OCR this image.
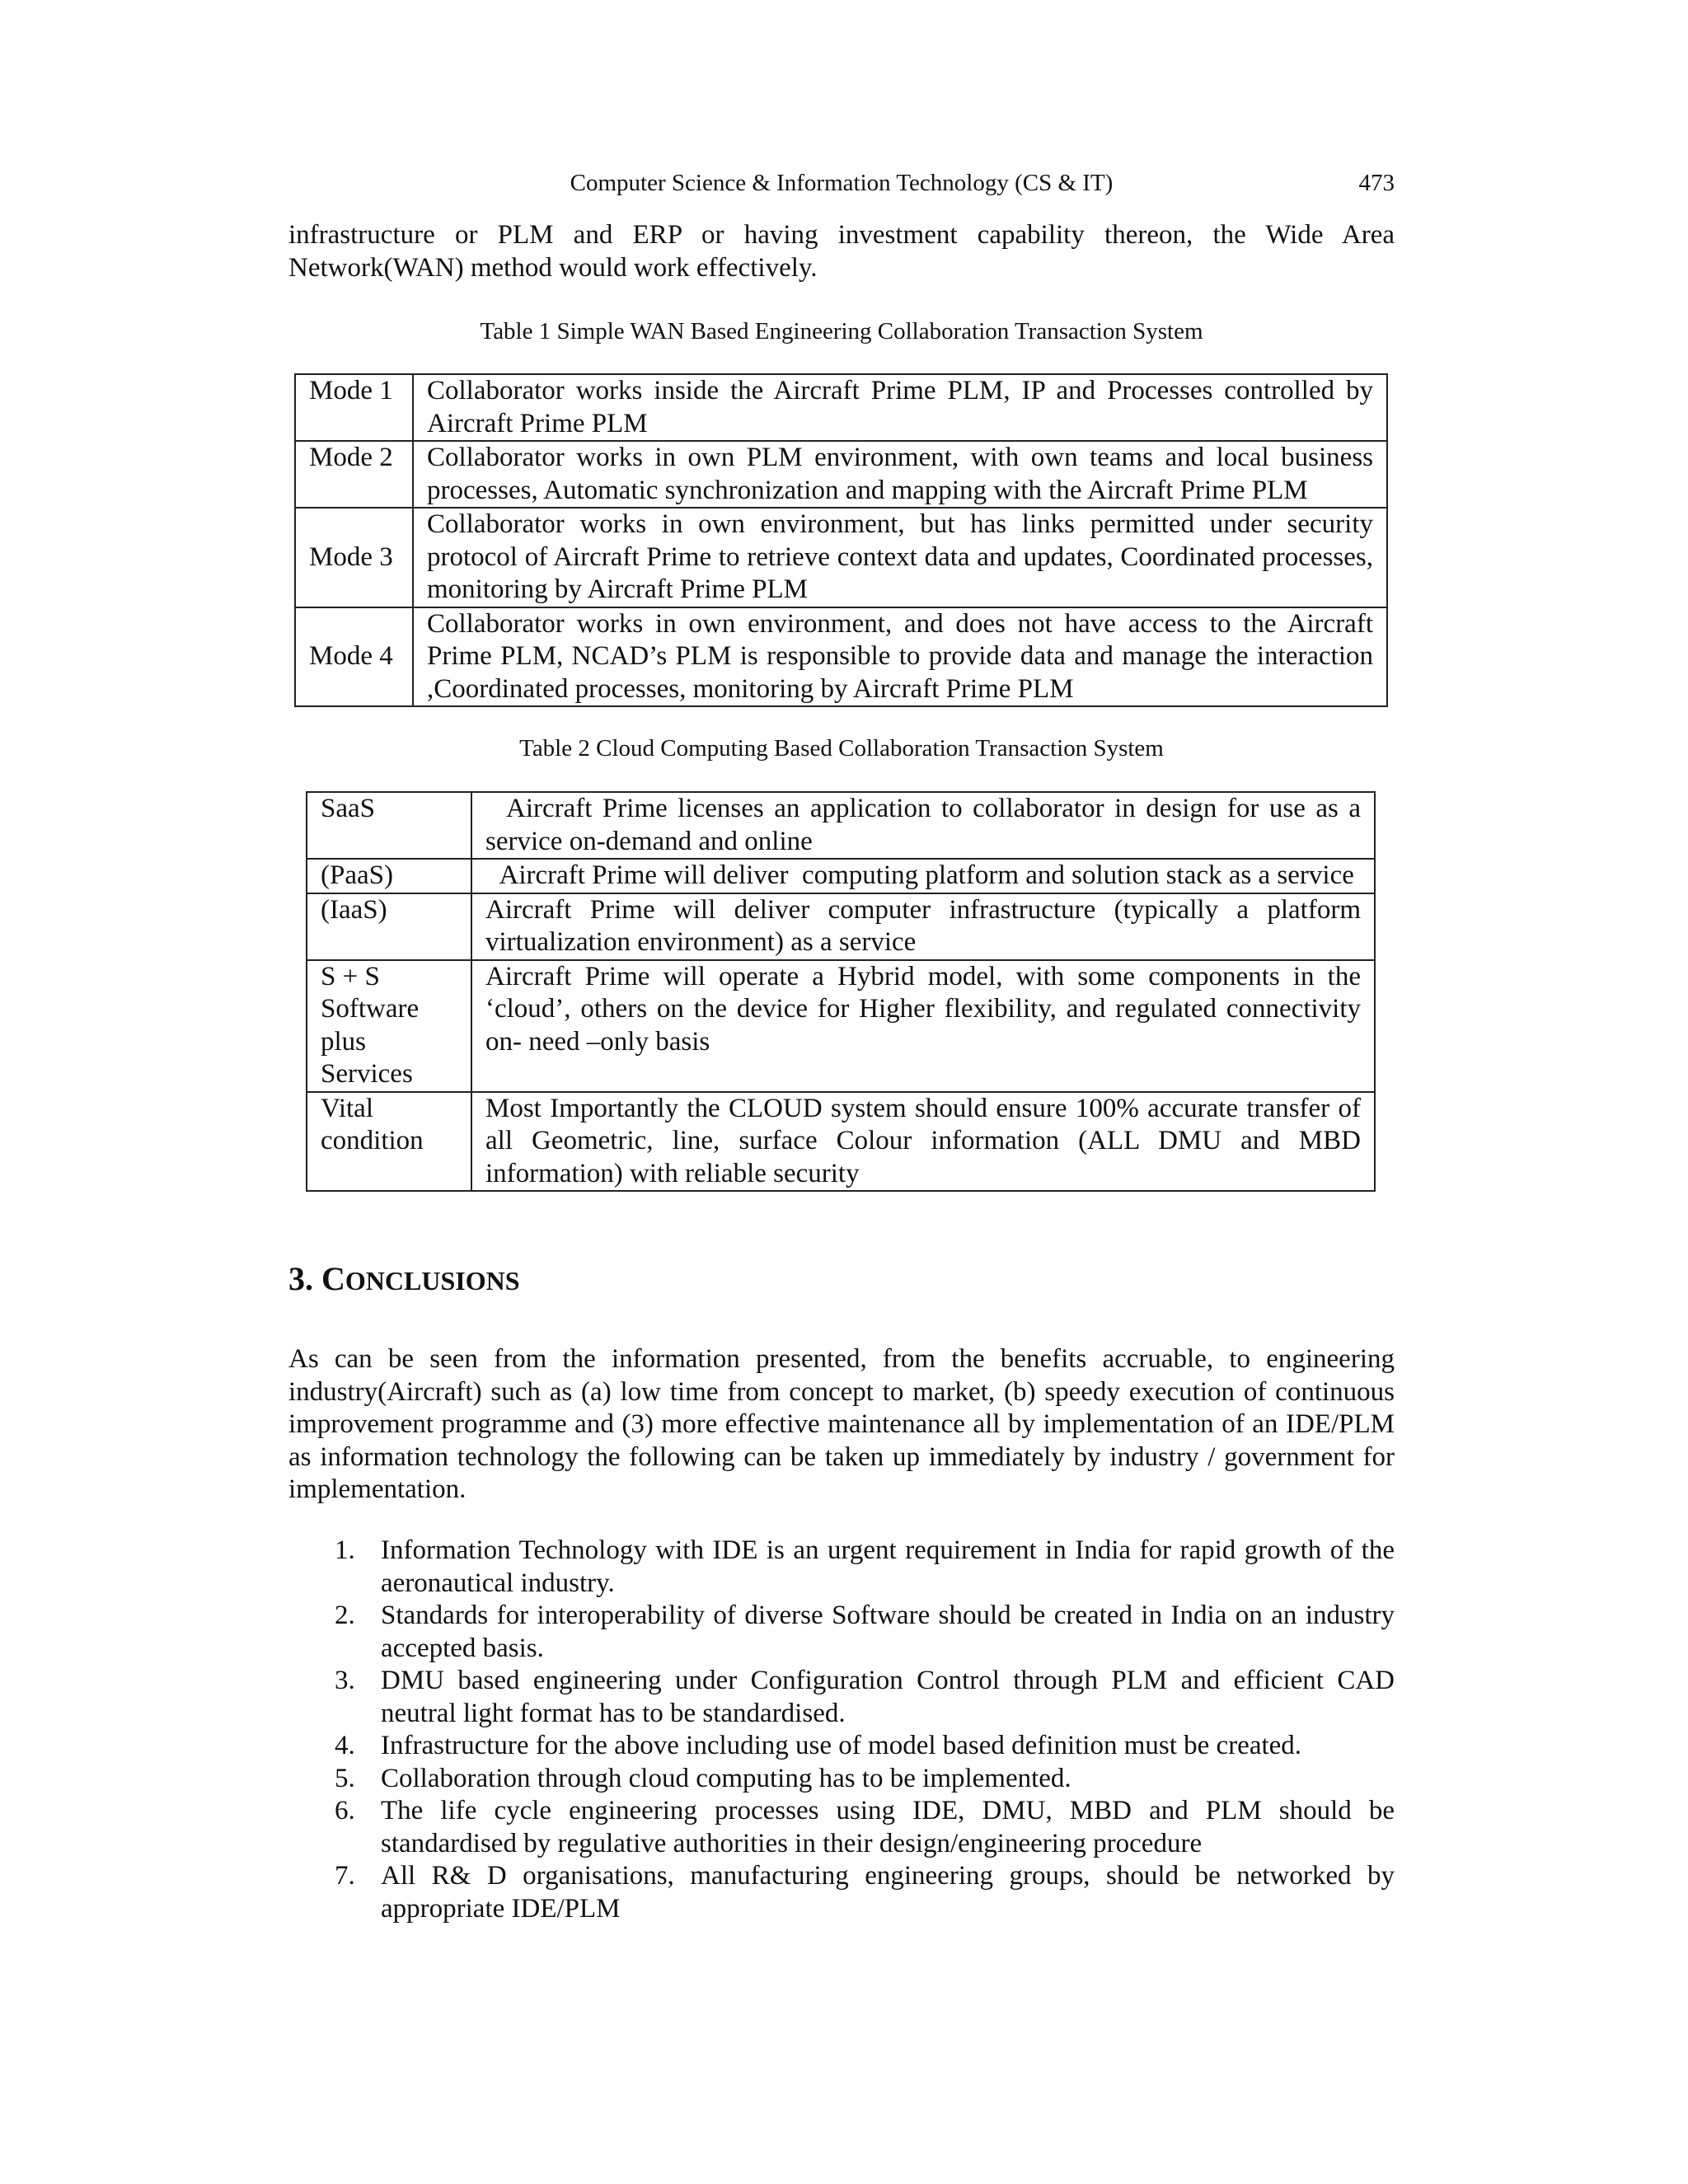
Computer Science & Information Technology (CS & IT)	473

infrastructure or PLM and ERP or having investment capability thereon, the Wide Area Network(WAN) method would work effectively.

Table 1 Simple WAN Based Engineering Collaboration Transaction System

Mode 1	Collaborator works inside the Aircraft Prime PLM, IP and Processes controlled by Aircraft Prime PLM
Mode 2	Collaborator works in own PLM environment, with own teams and local business processes, Automatic synchronization and mapping with the Aircraft Prime PLM
Mode 3	Collaborator works in own environment, but has links permitted under security protocol of Aircraft Prime to retrieve context data and updates, Coordinated processes, monitoring by Aircraft Prime PLM
Mode 4	Collaborator works in own environment, and does not have access to the Aircraft Prime PLM, NCAD’s PLM is responsible to provide data and manage the interaction ,Coordinated processes, monitoring by Aircraft Prime PLM

Table 2 Cloud Computing Based Collaboration Transaction System

SaaS	Aircraft Prime licenses an application to collaborator in design for use as a service on-demand and online
(PaaS)	Aircraft Prime will deliver  computing platform and solution stack as a service
(IaaS)	Aircraft Prime will deliver computer infrastructure (typically a platform virtualization environment) as a service
S + S Software plus Services	Aircraft Prime will operate a Hybrid model, with some components in the ‘cloud’, others on the device for Higher flexibility, and regulated connectivity on- need –only basis
Vital condition	Most Importantly the CLOUD system should ensure 100% accurate transfer of all Geometric, line, surface Colour information (ALL DMU and MBD information) with reliable security
3. CONCLUSIONS

As can be seen from the information presented, from the benefits accruable, to engineering industry(Aircraft) such as (a) low time from concept to market, (b) speedy execution of continuous improvement programme and (3) more effective maintenance all by implementation of an IDE/PLM as information technology the following can be taken up immediately by industry / government for implementation.

1. Information Technology with IDE is an urgent requirement in India for rapid growth of the aeronautical industry.
2. Standards for interoperability of diverse Software should be created in India on an industry accepted basis.
3. DMU based engineering under Configuration Control through PLM and efficient CAD neutral light format has to be standardised.
4. Infrastructure for the above including use of model based definition must be created.
5. Collaboration through cloud computing has to be implemented.
6. The life cycle engineering processes using IDE, DMU, MBD and PLM should be standardised by regulative authorities in their design/engineering procedure
7. All R& D organisations, manufacturing engineering groups, should be networked by appropriate IDE/PLM
